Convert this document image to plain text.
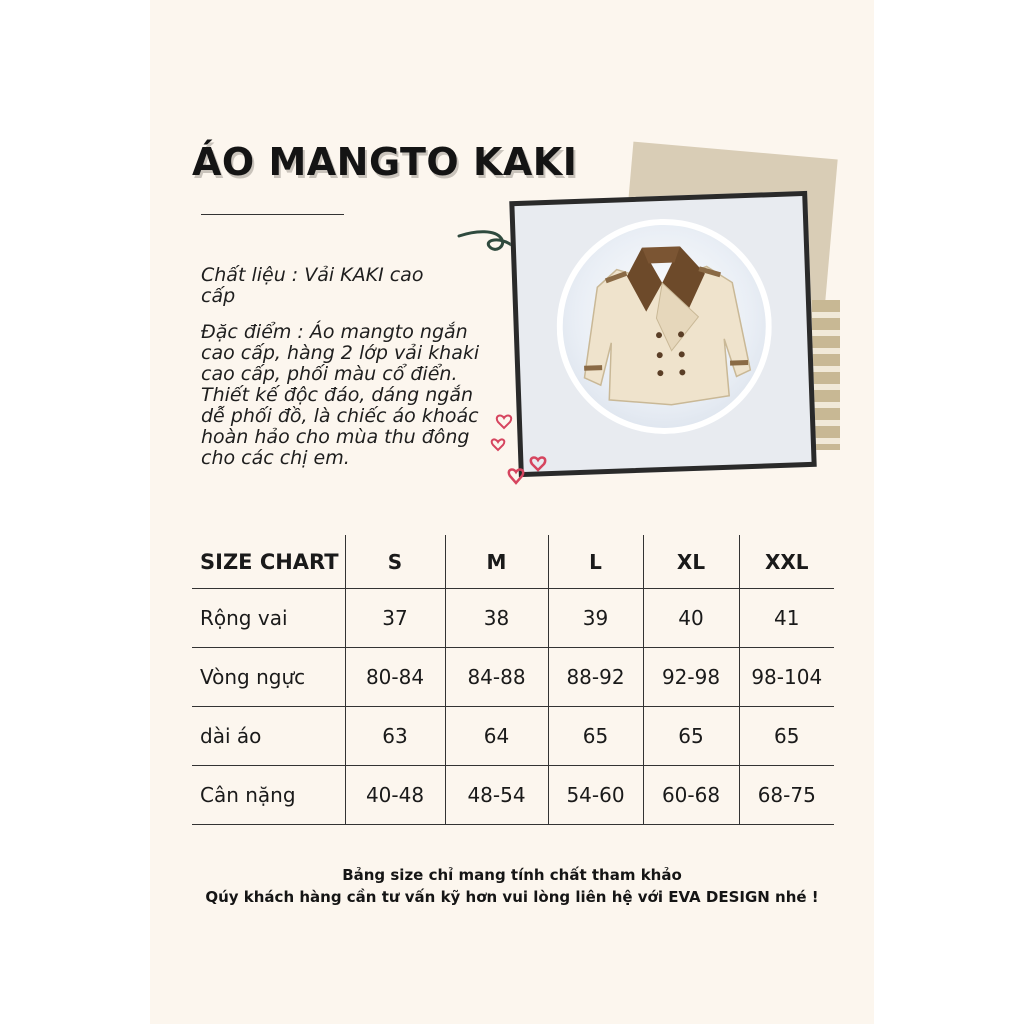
ÁO MANGTO KAKI

Chất liệu : Vải KAKI cao cấp

Đặc điểm : Áo mangto ngắn cao cấp, hàng 2 lớp vải khaki cao cấp, phối màu cổ điển. Thiết kế độc đáo, dáng ngắn dễ phối đồ, là chiếc áo khoác hoàn hảo cho mùa thu đông cho các chị em.

SIZE CHART	S	M	L	XL	XXL
Rộng vai	37	38	39	40	41
Vòng ngực	80-84	84-88	88-92	92-98	98-104
dài áo	63	64	65	65	65
Cân nặng	40-48	48-54	54-60	60-68	68-75

Bảng size chỉ mang tính chất tham khảo

Qúy khách hàng cần tư vấn kỹ hơn vui lòng liên hệ với EVA DESIGN nhé !
